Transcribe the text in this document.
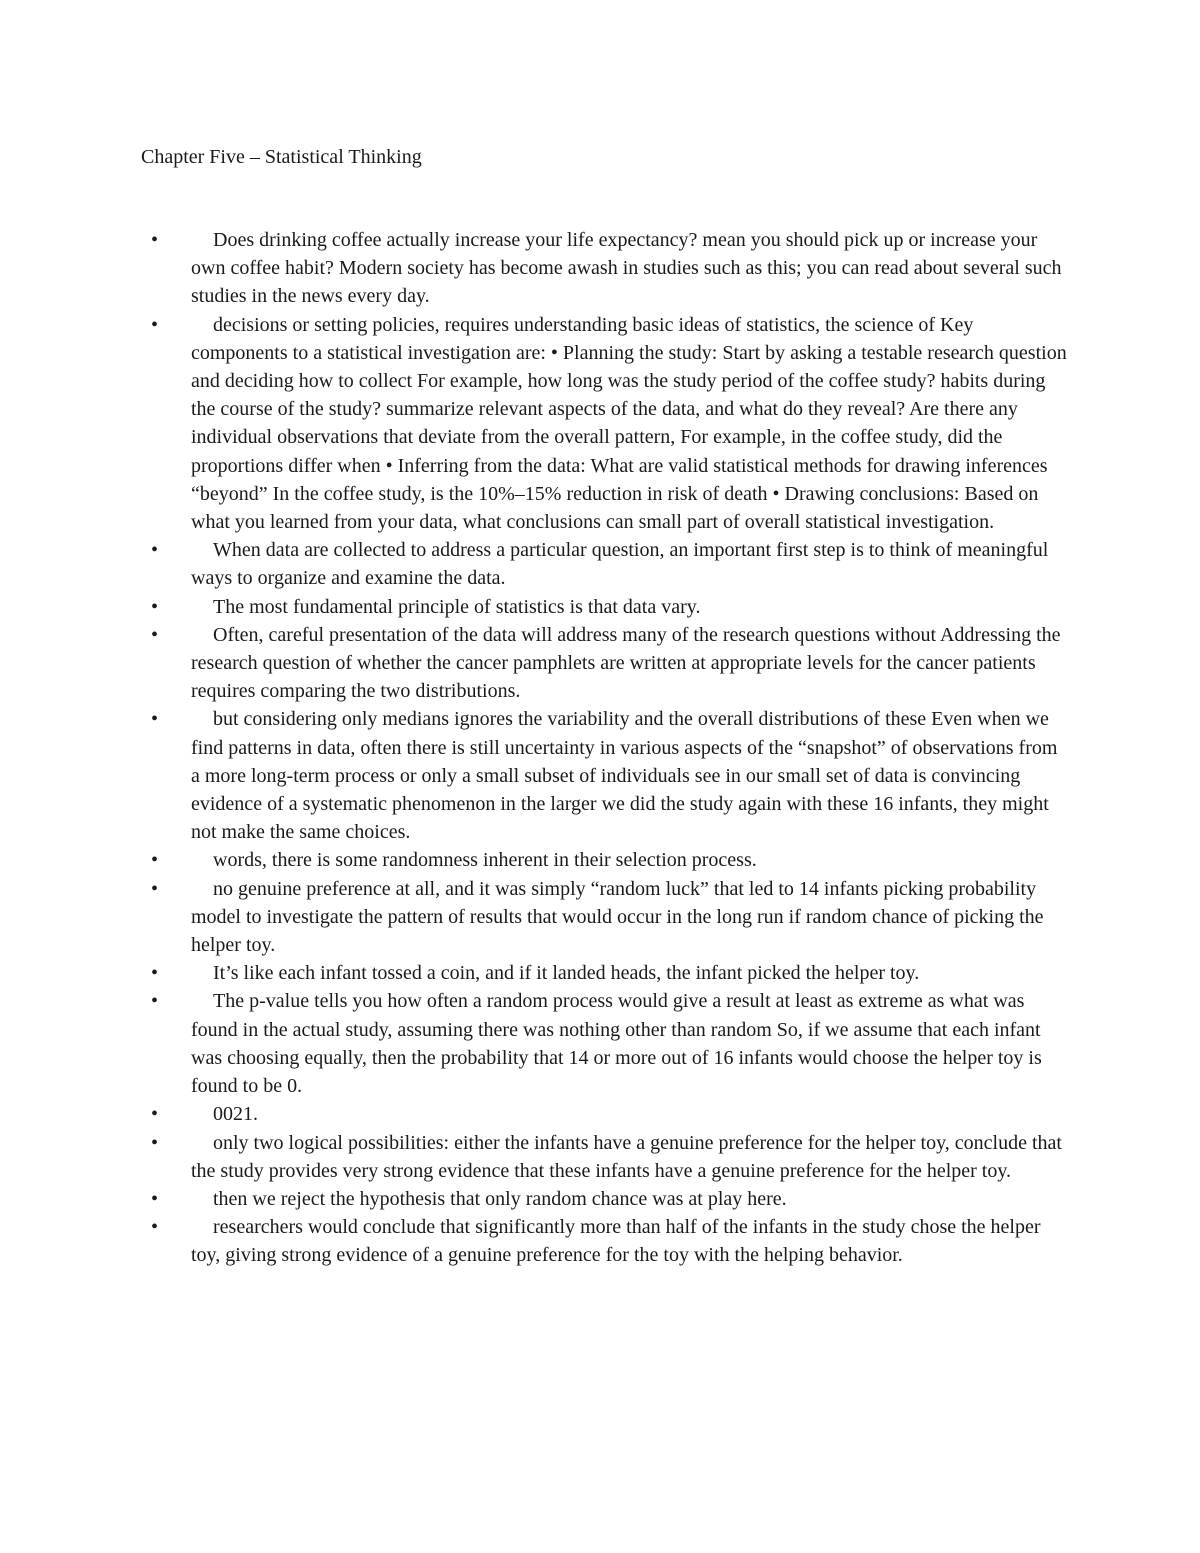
Chapter Five – Statistical Thinking
•	Does drinking coffee actually increase your life expectancy? mean you should pick up or increase your own coffee habit? Modern society has become awash in studies such as this; you can read about several such studies in the news every day.
•	decisions or setting policies, requires understanding basic ideas of statistics, the science of Key components to a statistical investigation are: • Planning the study: Start by asking a testable research question and deciding how to collect For example, how long was the study period of the coffee study? habits during the course of the study? summarize relevant aspects of the data, and what do they reveal? Are there any individual observations that deviate from the overall pattern, For example, in the coffee study, did the proportions differ when • Inferring from the data: What are valid statistical methods for drawing inferences “beyond” In the coffee study, is the 10%–15% reduction in risk of death • Drawing conclusions: Based on what you learned from your data, what conclusions can small part of overall statistical investigation.
•	When data are collected to address a particular question, an important first step is to think of meaningful ways to organize and examine the data.
•	The most fundamental principle of statistics is that data vary.
•	Often, careful presentation of the data will address many of the research questions without Addressing the research question of whether the cancer pamphlets are written at appropriate levels for the cancer patients requires comparing the two distributions.
•	but considering only medians ignores the variability and the overall distributions of these Even when we find patterns in data, often there is still uncertainty in various aspects of the “snapshot” of observations from a more long-term process or only a small subset of individuals see in our small set of data is convincing evidence of a systematic phenomenon in the larger we did the study again with these 16 infants, they might not make the same choices.
•	words, there is some randomness inherent in their selection process.
•	no genuine preference at all, and it was simply “random luck” that led to 14 infants picking probability model to investigate the pattern of results that would occur in the long run if random chance of picking the helper toy.
•	It’s like each infant tossed a coin, and if it landed heads, the infant picked the helper toy.
•	The p-value tells you how often a random process would give a result at least as extreme as what was found in the actual study, assuming there was nothing other than random So, if we assume that each infant was choosing equally, then the probability that 14 or more out of 16 infants would choose the helper toy is found to be 0.
•	0021.
•	only two logical possibilities: either the infants have a genuine preference for the helper toy, conclude that the study provides very strong evidence that these infants have a genuine preference for the helper toy.
•	then we reject the hypothesis that only random chance was at play here.
•	researchers would conclude that significantly more than half of the infants in the study chose the helper toy, giving strong evidence of a genuine preference for the toy with the helping behavior.
